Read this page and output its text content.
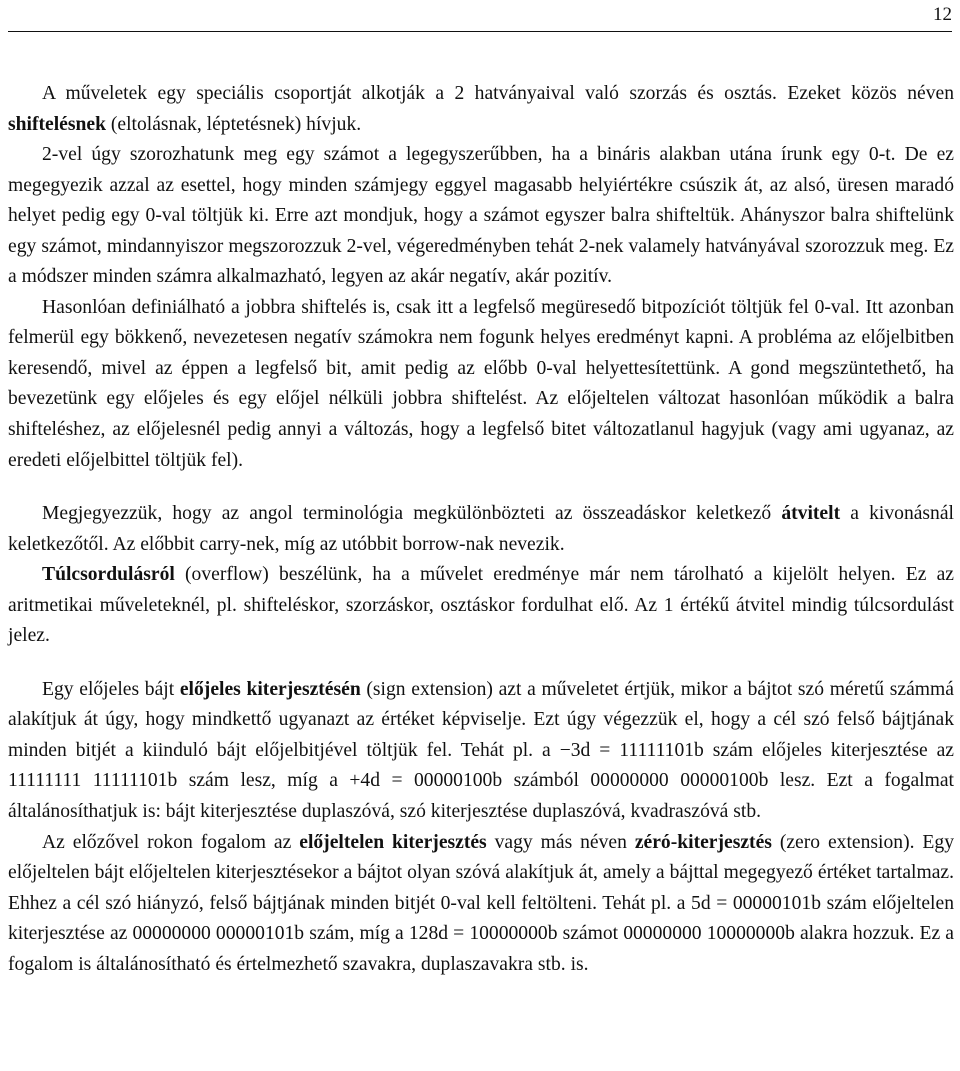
12

A műveletek egy speciális csoportját alkotják a 2 hatványaival való szorzás és osztás. Ezeket közös néven shiftelésnek (eltolásnak, léptetésnek) hívjuk.

2-vel úgy szorozhatunk meg egy számot a legegyszerűbben, ha a bináris alakban utána írunk egy 0-t. De ez megegyezik azzal az esettel, hogy minden számjegy eggyel magasabb helyiértékre csúszik át, az alsó, üresen maradó helyet pedig egy 0-val töltjük ki. Erre azt mondjuk, hogy a számot egyszer balra shifteltük. Ahányszor balra shiftelünk egy számot, mindannyiszor megszorozzuk 2-vel, végeredményben tehát 2-nek valamely hatványával szorozzuk meg. Ez a módszer minden számra alkalmazható, legyen az akár negatív, akár pozitív.

Hasonlóan definiálható a jobbra shiftelés is, csak itt a legfelső megüresedő bitpozíciót töltjük fel 0-val. Itt azonban felmerül egy bökkenő, nevezetesen negatív számokra nem fogunk helyes eredményt kapni. A probléma az előjelbitben keresendő, mivel az éppen a legfelső bit, amit pedig az előbb 0-val helyettesítettünk. A gond megszüntethető, ha bevezetünk egy előjeles és egy előjel nélküli jobbra shiftelést. Az előjeltelen változat hasonlóan működik a balra shifteléshez, az előjelesnél pedig annyi a változás, hogy a legfelső bitet változatlanul hagyjuk (vagy ami ugyanaz, az eredeti előjelbittel töltjük fel).

Megjegyezzük, hogy az angol terminológia megkülönbözteti az összeadáskor keletkező átvitelt a kivonásnál keletkezőtől. Az előbbit carry-nek, míg az utóbbit borrow-nak nevezik.

Túlcsordulásról (overflow) beszélünk, ha a művelet eredménye már nem tárolható a kijelölt helyen. Ez az aritmetikai műveleteknél, pl. shifteléskor, szorzáskor, osztáskor fordulhat elő. Az 1 értékű átvitel mindig túlcsordulást jelez.

Egy előjeles bájt előjeles kiterjesztésén (sign extension) azt a műveletet értjük, mikor a bájtot szó méretű számmá alakítjuk át úgy, hogy mindkettő ugyanazt az értéket képviselje. Ezt úgy végezzük el, hogy a cél szó felső bájtjának minden bitjét a kiinduló bájt előjelbitjével töltjük fel. Tehát pl. a −3d = 11111101b szám előjeles kiterjesztése az 11111111 11111101b szám lesz, míg a +4d = 00000100b számból 00000000 00000100b lesz. Ezt a fogalmat általánosíthatjuk is: bájt kiterjesztése duplaszóvá, szó kiterjesztése duplaszóvá, kvadraszóvá stb.

Az előzővel rokon fogalom az előjeltelen kiterjesztés vagy más néven zéró-kiterjesztés (zero extension). Egy előjeltelen bájt előjeltelen kiterjesztésekor a bájtot olyan szóvá alakítjuk át, amely a bájttal megegyező értéket tartalmaz. Ehhez a cél szó hiányzó, felső bájtjának minden bitjét 0-val kell feltölteni. Tehát pl. a 5d = 00000101b szám előjeltelen kiterjesztése az 00000000 00000101b szám, míg a 128d = 10000000b számot 00000000 10000000b alakra hozzuk. Ez a fogalom is általánosítható és értelmezhető szavakra, duplaszavakra stb. is.
